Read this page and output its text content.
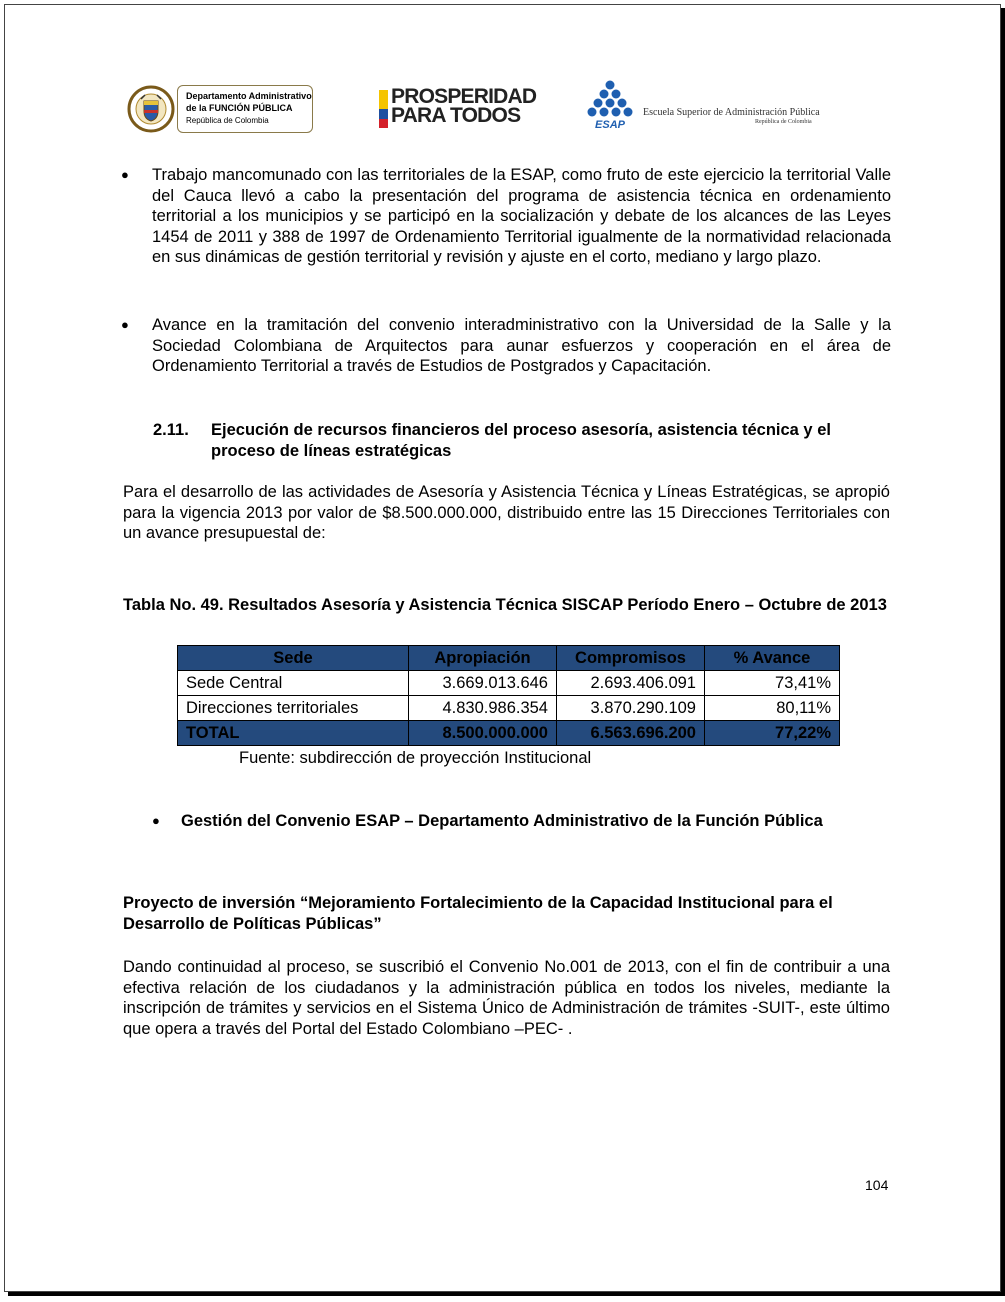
Departamento Administrativo
de la FUNCIÓN PÚBLICA
República de Colombia
PROSPERIDAD
PARA TODOS	ESAP
Escuela Superior de Administración Pública
República de Colombia
● Trabajo mancomunado con las territoriales de la ESAP, como fruto de este ejercicio la territorial Valle del Cauca llevó a cabo la presentación del programa de asistencia técnica en ordenamiento territorial a los municipios y se participó en la socialización y debate de los alcances de las Leyes 1454 de 2011 y 388 de 1997 de Ordenamiento Territorial igualmente de la normatividad relacionada en sus dinámicas de gestión territorial y revisión y ajuste en el corto, mediano y largo plazo.
● Avance en la tramitación del convenio interadministrativo con la Universidad de la Salle y la Sociedad Colombiana de Arquitectos para aunar esfuerzos y cooperación en el área de Ordenamiento Territorial a través de Estudios de Postgrados y Capacitación.
2.11. Ejecución de recursos financieros del proceso asesoría, asistencia técnica y el proceso de líneas estratégicas
Para el desarrollo de las actividades de Asesoría y Asistencia Técnica y Líneas Estratégicas, se apropió para la vigencia 2013 por valor de $8.500.000.000, distribuido entre las 15 Direcciones Territoriales con un avance presupuestal de:
Tabla No. 49. Resultados Asesoría y Asistencia Técnica SISCAP Período Enero – Octubre de 2013
Sede	Apropiación	Compromisos	% Avance
Sede Central	3.669.013.646	2.693.406.091	73,41%
Direcciones territoriales	4.830.986.354	3.870.290.109	80,11%
TOTAL	8.500.000.000	6.563.696.200	77,22%
Fuente: subdirección de proyección Institucional
● Gestión del Convenio ESAP – Departamento Administrativo de la Función Pública
Proyecto de inversión “Mejoramiento Fortalecimiento de la Capacidad Institucional para el Desarrollo de Políticas Públicas”
Dando continuidad al proceso, se suscribió el Convenio No.001 de 2013, con el fin de contribuir a una efectiva relación de los ciudadanos y la administración pública en todos los niveles, mediante la inscripción de trámites y servicios en el Sistema Único de Administración de trámites -SUIT-, este último que opera a través del Portal del Estado Colombiano –PEC- .
104
